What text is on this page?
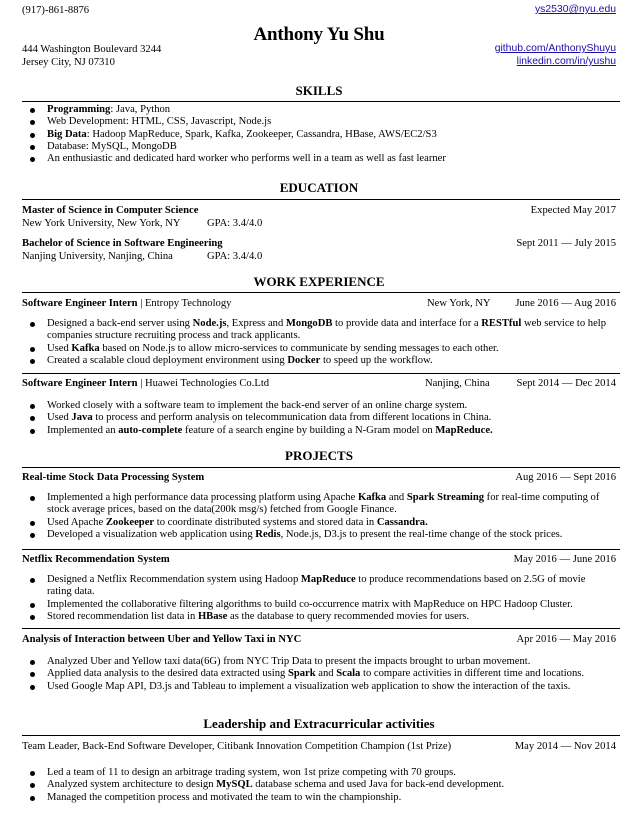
(917)-861-8876
Anthony Yu Shu
ys2530@nyu.edu
444 Washington Boulevard 3244
Jersey City, NJ 07310
github.com/AnthonyShuyu
linkedin.com/in/yushu
SKILLS
Programming: Java, Python
Web Development: HTML, CSS, Javascript, Node.js
Big Data: Hadoop MapReduce, Spark, Kafka, Zookeeper, Cassandra, HBase, AWS/EC2/S3
Database: MySQL, MongoDB
An enthusiastic and dedicated hard worker who performs well in a team as well as fast learner
EDUCATION
Master of Science in Computer Science	Expected May 2017
New York University, New York, NY GPA: 3.4/4.0
Bachelor of Science in Software Engineering	Sept 2011 — July 2015
Nanjing University, Nanjing, China	GPA: 3.4/4.0
WORK EXPERIENCE
Software Engineer Intern | Entropy Technology	New York, NY June 2016 — Aug 2016
Designed a back-end server using Node.js, Express and MongoDB to provide data and interface for a RESTful web service to help companies structure recruiting process and track applicants.
Used Kafka based on Node.js to allow micro-services to communicate by sending messages to each other.
Created a scalable cloud deployment environment using Docker to speed up the workflow.
Software Engineer Intern | Huawei Technologies Co.Ltd	Nanjing, China	Sept 2014 — Dec 2014
Worked closely with a software team to implement the back-end server of an online charge system.
Used Java to process and perform analysis on telecommunication data from different locations in China.
Implemented an auto-complete feature of a search engine by building a N-Gram model on MapReduce.
PROJECTS
Real-time Stock Data Processing System	Aug 2016 — Sept 2016
Implemented a high performance data processing platform using Apache Kafka and Spark Streaming for real-time computing of stock average prices, based on the data(200k msg/s) fetched from Google Finance.
Used Apache Zookeeper to coordinate distributed systems and stored data in Cassandra.
Developed a visualization web application using Redis, Node.js, D3.js to present the real-time change of the stock prices.
Netflix Recommendation System	May 2016 — June 2016
Designed a Netflix Recommendation system using Hadoop MapReduce to produce recommendations based on 2.5G of movie rating data.
Implemented the collaborative filtering algorithms to build co-occurrence matrix with MapReduce on HPC Hadoop Cluster.
Stored recommendation list data in HBase as the database to query recommended movies for users.
Analysis of Interaction between Uber and Yellow Taxi in NYC	Apr 2016 — May 2016
Analyzed Uber and Yellow taxi data(6G) from NYC Trip Data to present the impacts brought to urban movement.
Applied data analysis to the desired data extracted using Spark and Scala to compare activities in different time and locations.
Used Google Map API, D3.js and Tableau to implement a visualization web application to show the interaction of the taxis.
Leadership and Extracurricular activities
Team Leader, Back-End Software Developer, Citibank Innovation Competition Champion (1st Prize)	May 2014 — Nov 2014
Led a team of 11 to design an arbitrage trading system, won 1st prize competing with 70 groups.
Analyzed system architecture to design MySQL database schema and used Java for back-end development.
Managed the competition process and motivated the team to win the championship.
